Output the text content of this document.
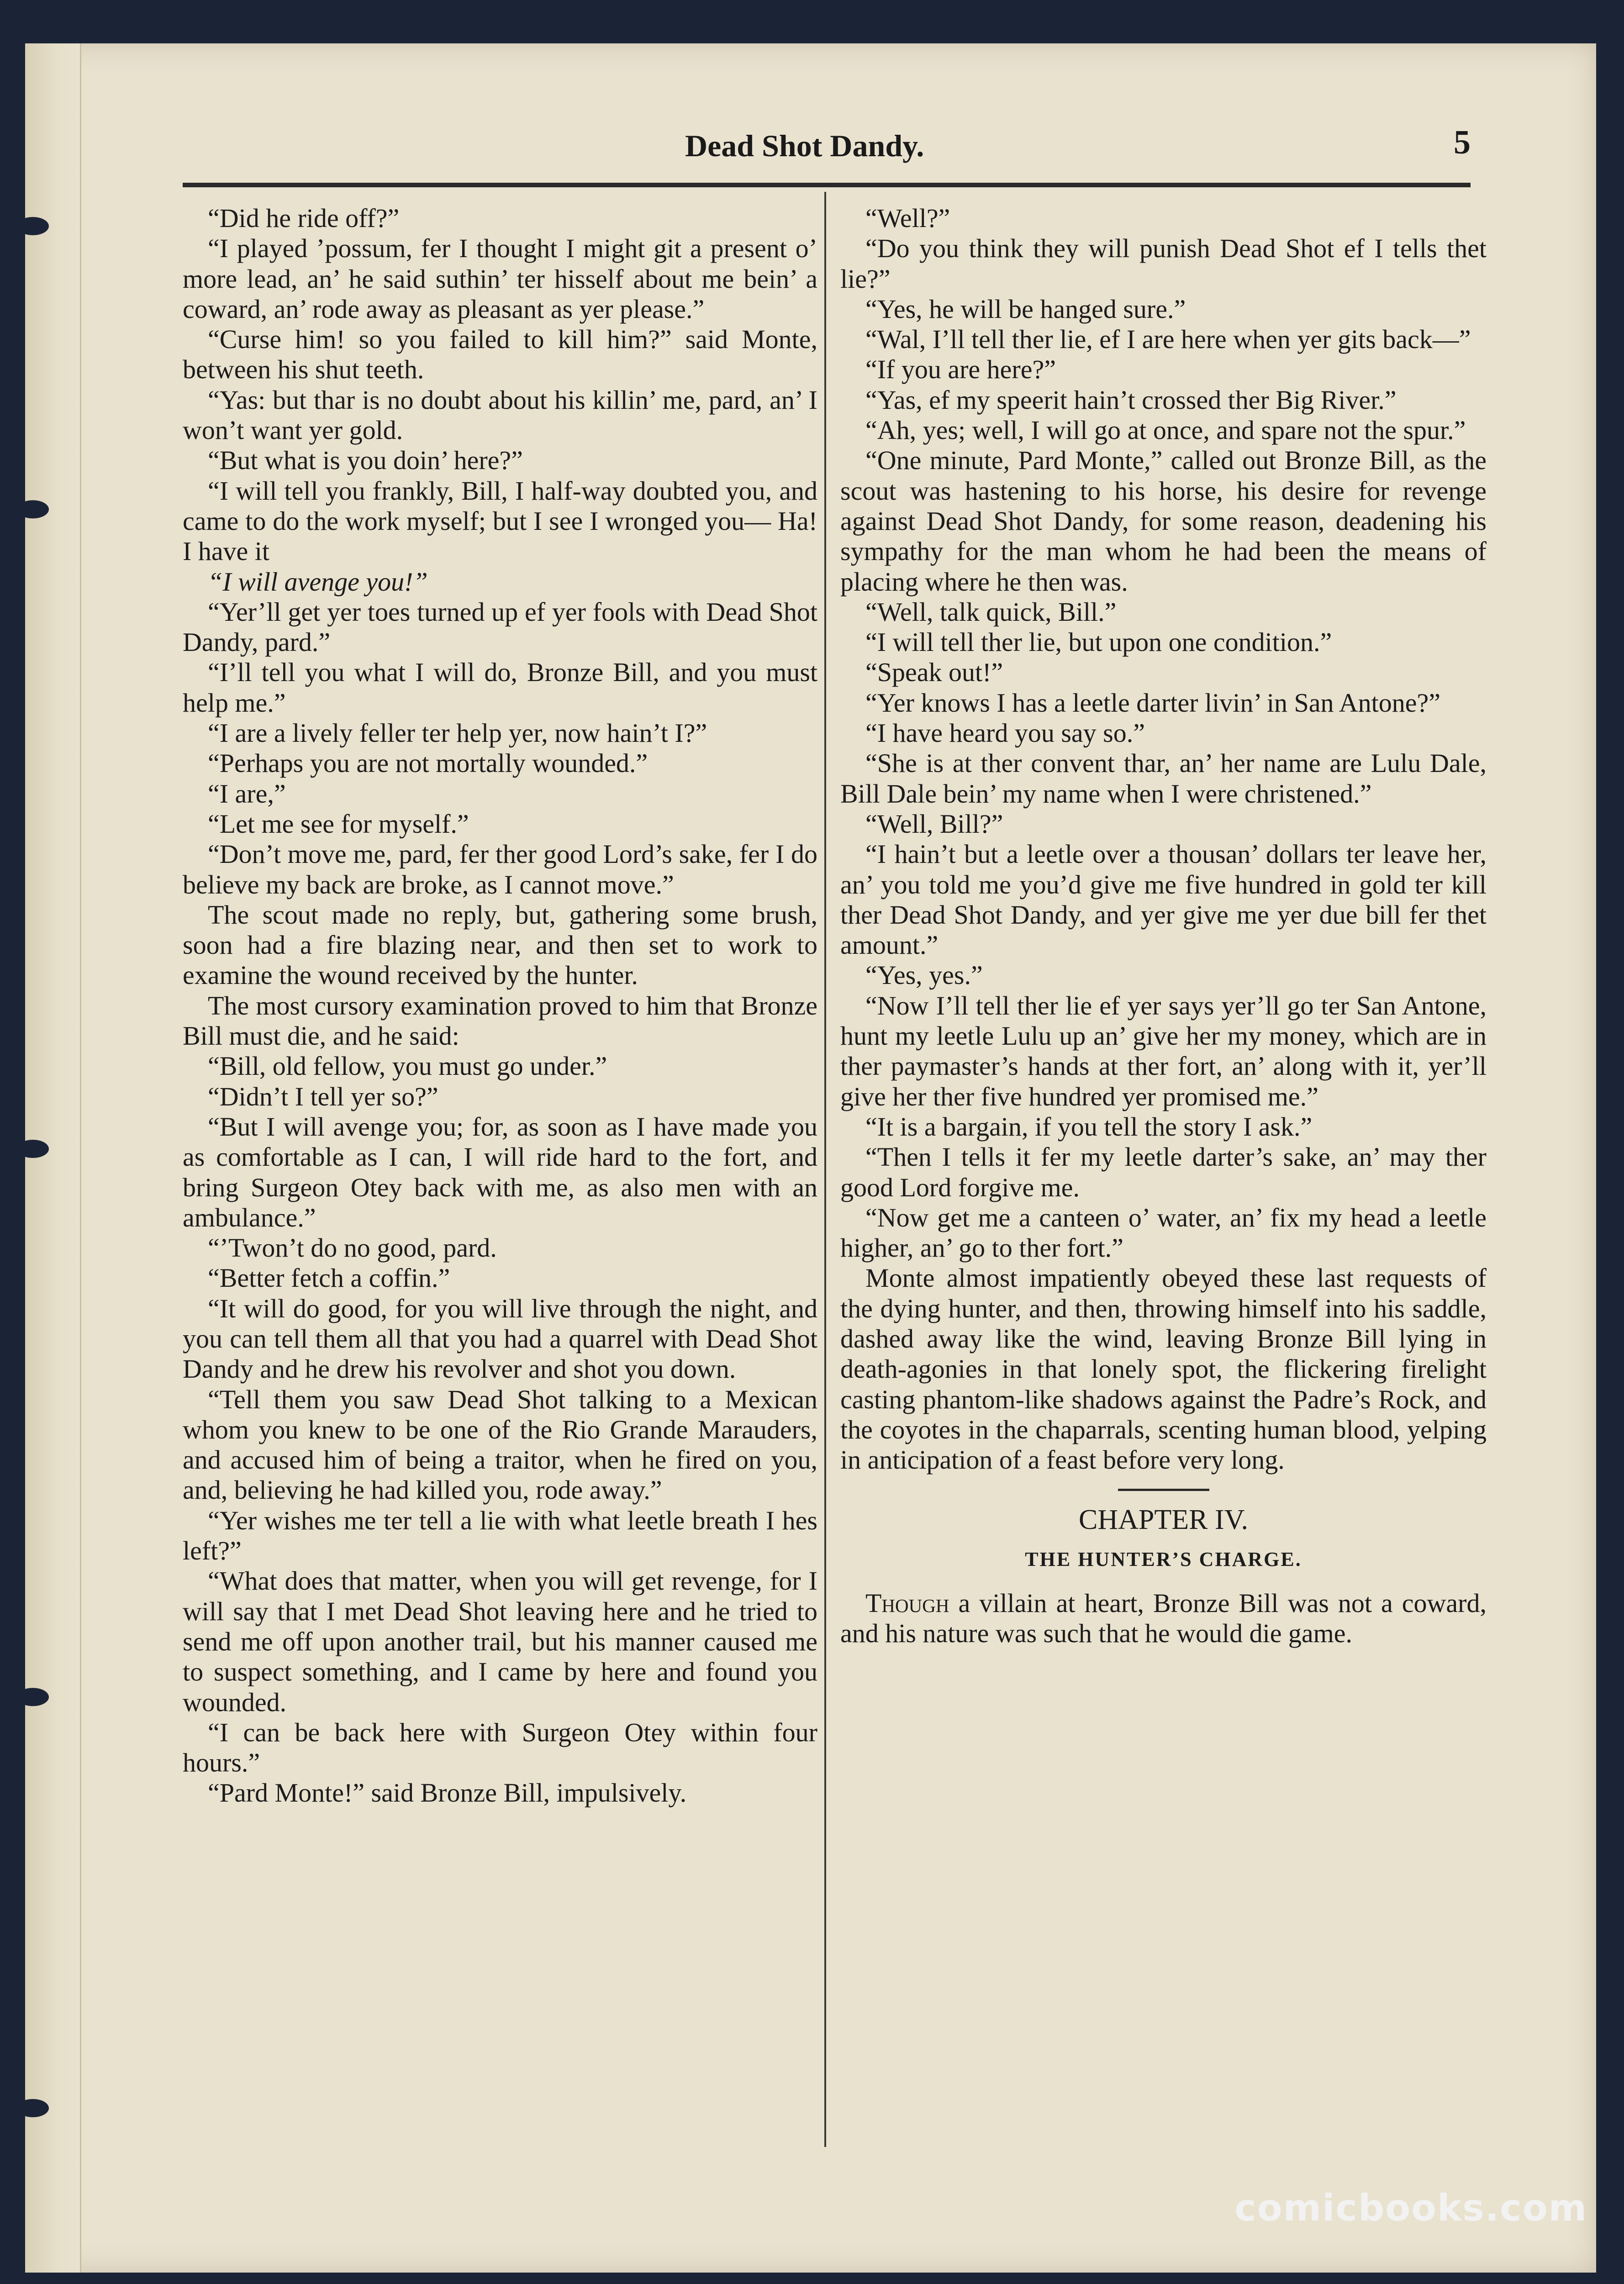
Dead Shot Dandy.	5

“Did he ride off?”

“I played ’possum, fer I thought I might git a present o’ more lead, an’ he said suthin’ ter hisself about me bein’ a coward, an’ rode away as pleasant as yer please.”

“Curse him! so you failed to kill him?” said Monte, between his shut teeth.

“Yas: but thar is no doubt about his killin’ me, pard, an’ I won’t want yer gold.

“But what is you doin’ here?”

“I will tell you frankly, Bill, I half-way doubted you, and came to do the work myself; but I see I wronged you— Ha! I have it

“I will avenge you!”

“Yer’ll get yer toes turned up ef yer fools with Dead Shot Dandy, pard.”

“I’ll tell you what I will do, Bronze Bill, and you must help me.”

“I are a lively feller ter help yer, now hain’t I?”

“Perhaps you are not mortally wounded.”

“I are,”

“Let me see for myself.”

“Don’t move me, pard, fer ther good Lord’s sake, fer I do believe my back are broke, as I cannot move.”

The scout made no reply, but, gathering some brush, soon had a fire blazing near, and then set to work to examine the wound received by the hunter.

The most cursory examination proved to him that Bronze Bill must die, and he said:

“Bill, old fellow, you must go under.”

“Didn’t I tell yer so?”

“But I will avenge you; for, as soon as I have made you as comfortable as I can, I will ride hard to the fort, and bring Surgeon Otey back with me, as also men with an ambulance.”

“’Twon’t do no good, pard.

“Better fetch a coffin.”

“It will do good, for you will live through the night, and you can tell them all that you had a quarrel with Dead Shot Dandy and he drew his revolver and shot you down.

“Tell them you saw Dead Shot talking to a Mexican whom you knew to be one of the Rio Grande Marauders, and accused him of being a traitor, when he fired on you, and, believing he had killed you, rode away.”

“Yer wishes me ter tell a lie with what leetle breath I hes left?”

“What does that matter, when you will get revenge, for I will say that I met Dead Shot leaving here and he tried to send me off upon another trail, but his manner caused me to suspect something, and I came by here and found you wounded.

“I can be back here with Surgeon Otey within four hours.”

“Pard Monte!” said Bronze Bill, impulsively.

“Well?”

“Do you think they will punish Dead Shot ef I tells thet lie?”

“Yes, he will be hanged sure.”

“Wal, I’ll tell ther lie, ef I are here when yer gits back—”

“If you are here?”

“Yas, ef my speerit hain’t crossed ther Big River.”

“Ah, yes; well, I will go at once, and spare not the spur.”

“One minute, Pard Monte,” called out Bronze Bill, as the scout was hastening to his horse, his desire for revenge against Dead Shot Dandy, for some reason, deadening his sympathy for the man whom he had been the means of placing where he then was.

“Well, talk quick, Bill.”

“I will tell ther lie, but upon one condition.”

“Speak out!”

“Yer knows I has a leetle darter livin’ in San Antone?”

“I have heard you say so.”

“She is at ther convent thar, an’ her name are Lulu Dale, Bill Dale bein’ my name when I were christened.”

“Well, Bill?”

“I hain’t but a leetle over a thousan’ dollars ter leave her, an’ you told me you’d give me five hundred in gold ter kill ther Dead Shot Dandy, and yer give me yer due bill fer thet amount.”

“Yes, yes.”

“Now I’ll tell ther lie ef yer says yer’ll go ter San Antone, hunt my leetle Lulu up an’ give her my money, which are in ther paymaster’s hands at ther fort, an’ along with it, yer’ll give her ther five hundred yer promised me.”

“It is a bargain, if you tell the story I ask.”

“Then I tells it fer my leetle darter’s sake, an’ may ther good Lord forgive me.

“Now get me a canteen o’ water, an’ fix my head a leetle higher, an’ go to ther fort.”

Monte almost impatiently obeyed these last requests of the dying hunter, and then, throwing himself into his saddle, dashed away like the wind, leaving Bronze Bill lying in death-agonies in that lonely spot, the flickering firelight casting phantom-like shadows against the Padre’s Rock, and the coyotes in the chaparrals, scenting human blood, yelping in anticipation of a feast before very long.

CHAPTER IV.

THE HUNTER’S CHARGE.

Though a villain at heart, Bronze Bill was not a coward, and his nature was such that he would die game.

comicbooks.com
